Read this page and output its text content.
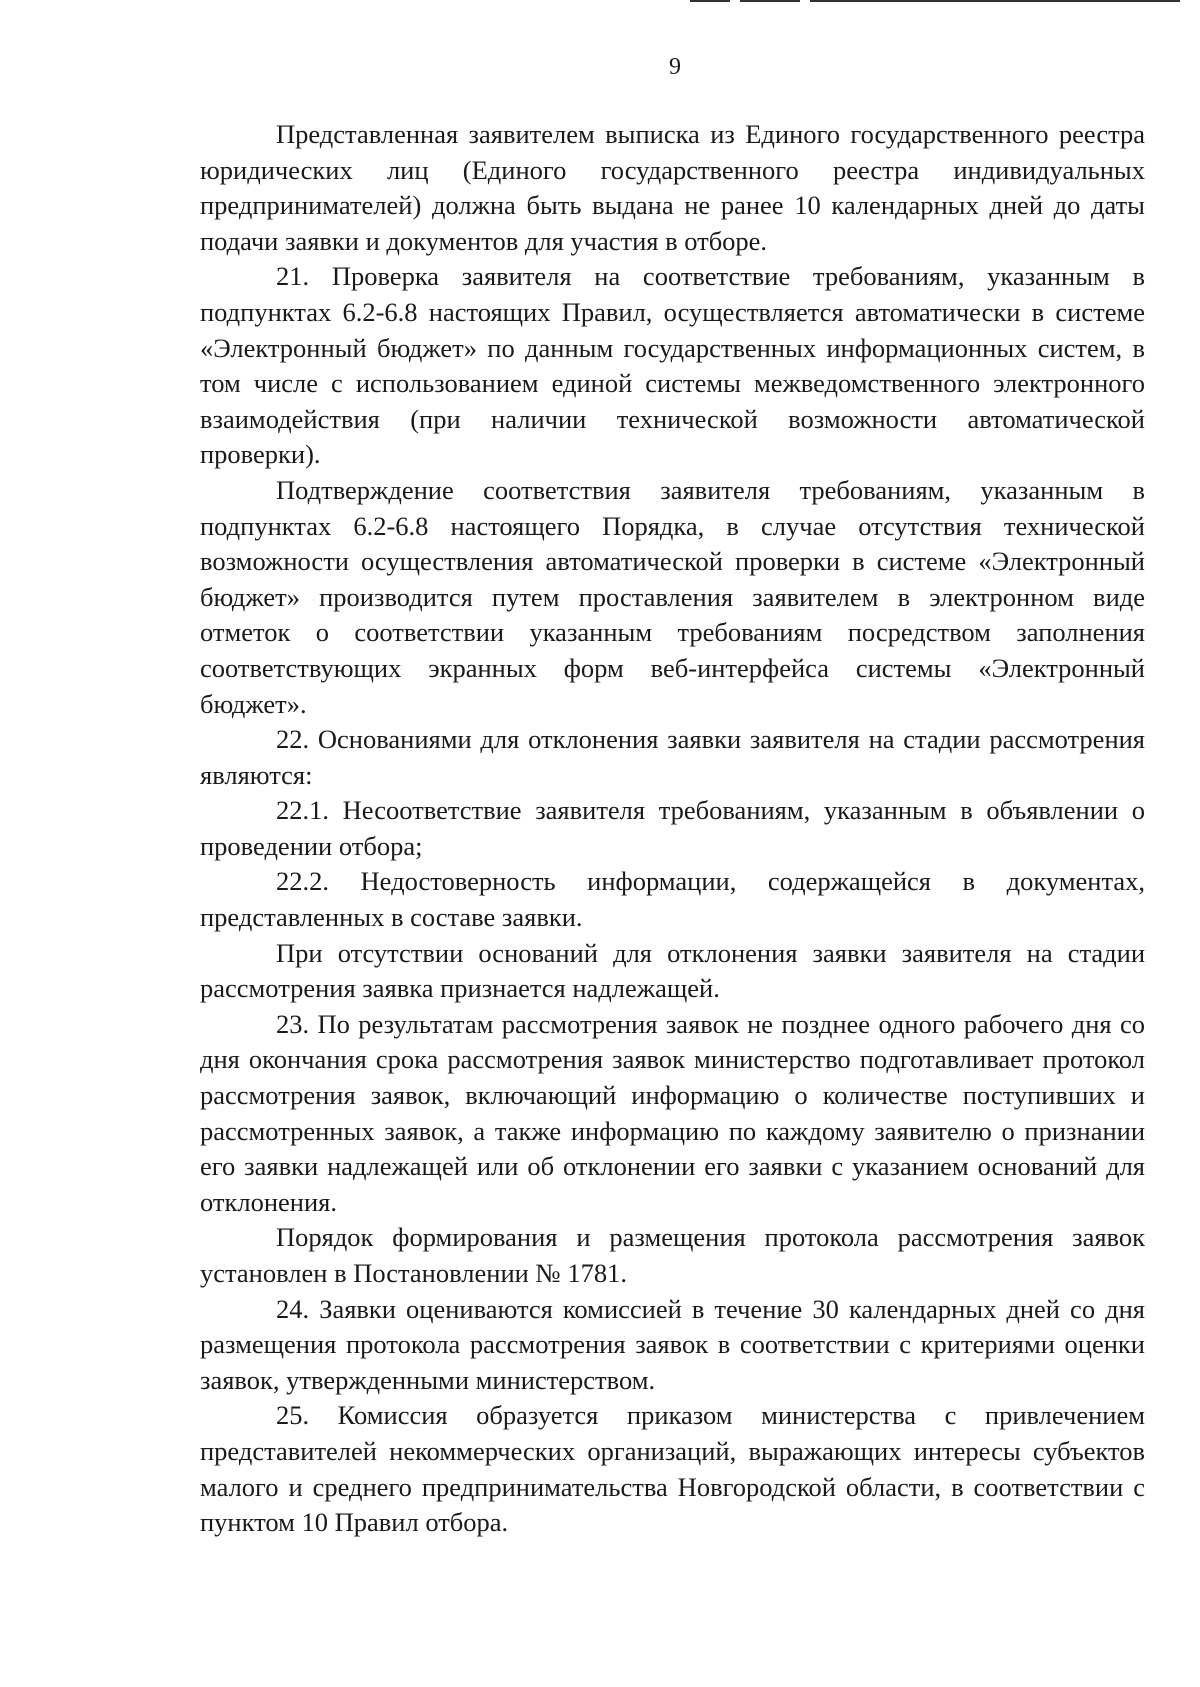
9

Представленная заявителем выписка из Единого государственного реестра юридических лиц (Единого государственного реестра индивидуальных предпринимателей) должна быть выдана не ранее 10 календарных дней до даты подачи заявки и документов для участия в отборе.

21. Проверка заявителя на соответствие требованиям, указанным в подпунктах 6.2-6.8 настоящих Правил, осуществляется автоматически в системе «Электронный бюджет» по данным государственных информационных систем, в том числе с использованием единой системы межведомственного электронного взаимодействия (при наличии технической возможности автоматической проверки).

Подтверждение соответствия заявителя требованиям, указанным в подпунктах 6.2-6.8 настоящего Порядка, в случае отсутствия технической возможности осуществления автоматической проверки в системе «Электронный бюджет» производится путем проставления заявителем в электронном виде отметок о соответствии указанным требованиям посредством заполнения соответствующих экранных форм веб-интерфейса системы «Электронный бюджет».

22. Основаниями для отклонения заявки заявителя на стадии рассмотрения являются:

22.1. Несоответствие заявителя требованиям, указанным в объявлении о проведении отбора;

22.2. Недостоверность информации, содержащейся в документах, представленных в составе заявки.

При отсутствии оснований для отклонения заявки заявителя на стадии рассмотрения заявка признается надлежащей.

23. По результатам рассмотрения заявок не позднее одного рабочего дня со дня окончания срока рассмотрения заявок министерство подготавливает протокол рассмотрения заявок, включающий информацию о количестве поступивших и рассмотренных заявок, а также информацию по каждому заявителю о признании его заявки надлежащей или об отклонении его заявки с указанием оснований для отклонения.

Порядок формирования и размещения протокола рассмотрения заявок установлен в Постановлении № 1781.

24. Заявки оцениваются комиссией в течение 30 календарных дней со дня размещения протокола рассмотрения заявок в соответствии с критериями оценки заявок, утвержденными министерством.

25. Комиссия образуется приказом министерства с привлечением представителей некоммерческих организаций, выражающих интересы субъектов малого и среднего предпринимательства Новгородской области, в соответствии с пунктом 10 Правил отбора.
